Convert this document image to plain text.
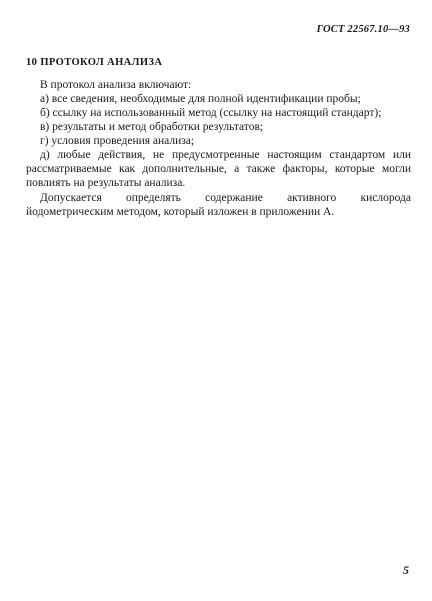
ГОСТ 22567.10—93
10 ПРОТОКОЛ АНАЛИЗА

В протокол анализа включают:

а) все сведения, необходимые для полной идентификации пробы;

б) ссылку на использованный метод (ссылку на настоящий стандарт);

в) результаты и метод обработки результатов;

г) условия проведения анализа;

д) любые действия, не предусмотренные настоящим стандартом или рассматриваемые как дополнительные, а также факторы, которые могли повлиять на результаты анализа.

Допускается определять содержание активного кислорода йодометрическим методом, который изложен в приложении А.

5
